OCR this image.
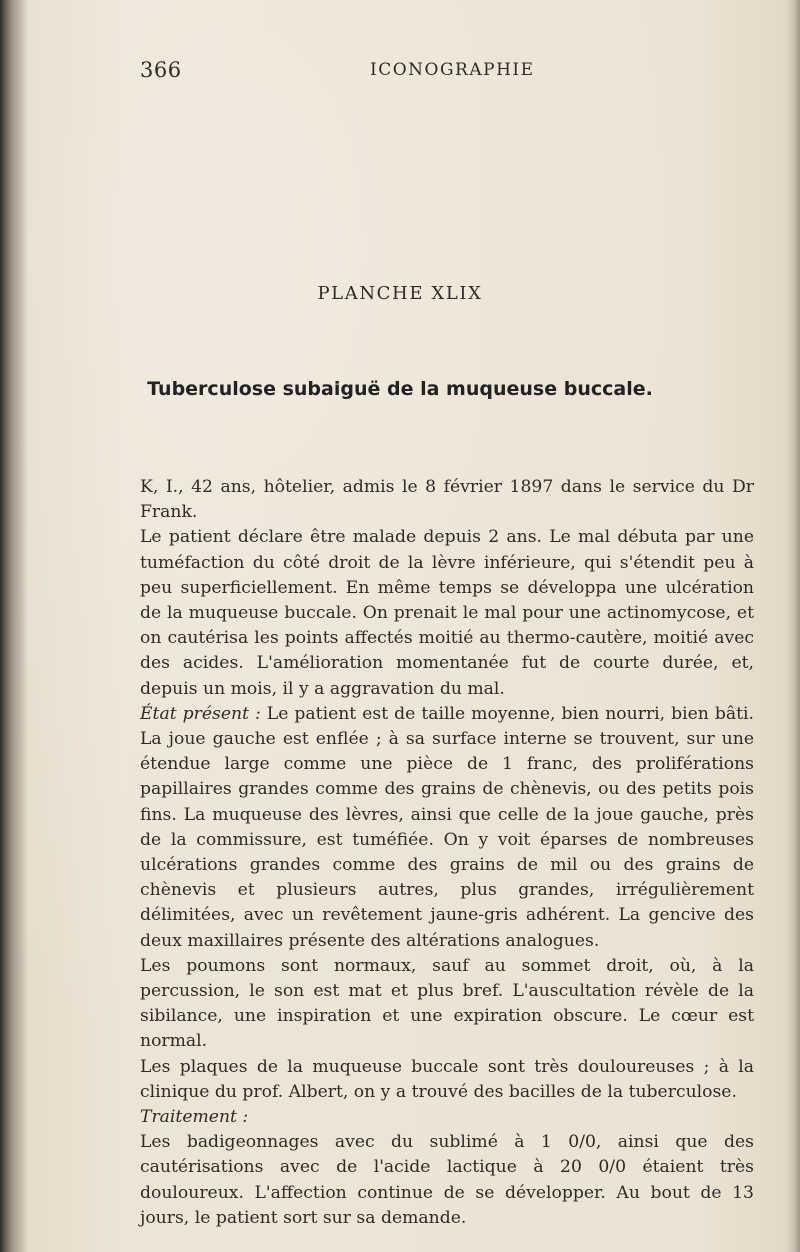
366	ICONOGRAPHIE
PLANCHE XLIX
Tuberculose subaiguë de la muqueuse buccale.

K, I., 42 ans, hôtelier, admis le 8 février 1897 dans le service du Dr Frank.

Le patient déclare être malade depuis 2 ans. Le mal débuta par une tuméfaction du côté droit de la lèvre inférieure, qui s'étendit peu à peu superficiellement. En même temps se développa une ulcération de la muqueuse buccale. On prenait le mal pour une actinomycose, et on cautérisa les points affectés moitié au thermo-cautère, moitié avec des acides. L'amélioration momentanée fut de courte durée, et, depuis un mois, il y a aggravation du mal.

État présent : Le patient est de taille moyenne, bien nourri, bien bâti. La joue gauche est enflée ; à sa surface interne se trouvent, sur une étendue large comme une pièce de 1 franc, des proliférations papillaires grandes comme des grains de chènevis, ou des petits pois fins. La muqueuse des lèvres, ainsi que celle de la joue gauche, près de la commissure, est tuméfiée. On y voit éparses de nombreuses ulcérations grandes comme des grains de mil ou des grains de chènevis et plusieurs autres, plus grandes, irrégulièrement délimitées, avec un revêtement jaune-gris adhérent. La gencive des deux maxillaires présente des altérations analogues.

Les poumons sont normaux, sauf au sommet droit, où, à la percussion, le son est mat et plus bref. L'auscultation révèle de la sibilance, une inspiration et une expiration obscure. Le cœur est normal.

Les plaques de la muqueuse buccale sont très douloureuses ; à la clinique du prof. Albert, on y a trouvé des bacilles de la tuberculose.

Traitement :

Les badigeonnages avec du sublimé à 1 0/0, ainsi que des cautérisations avec de l'acide lactique à 20 0/0 étaient très douloureux. L'affection continue de se développer. Au bout de 13 jours, le patient sort sur sa demande.
